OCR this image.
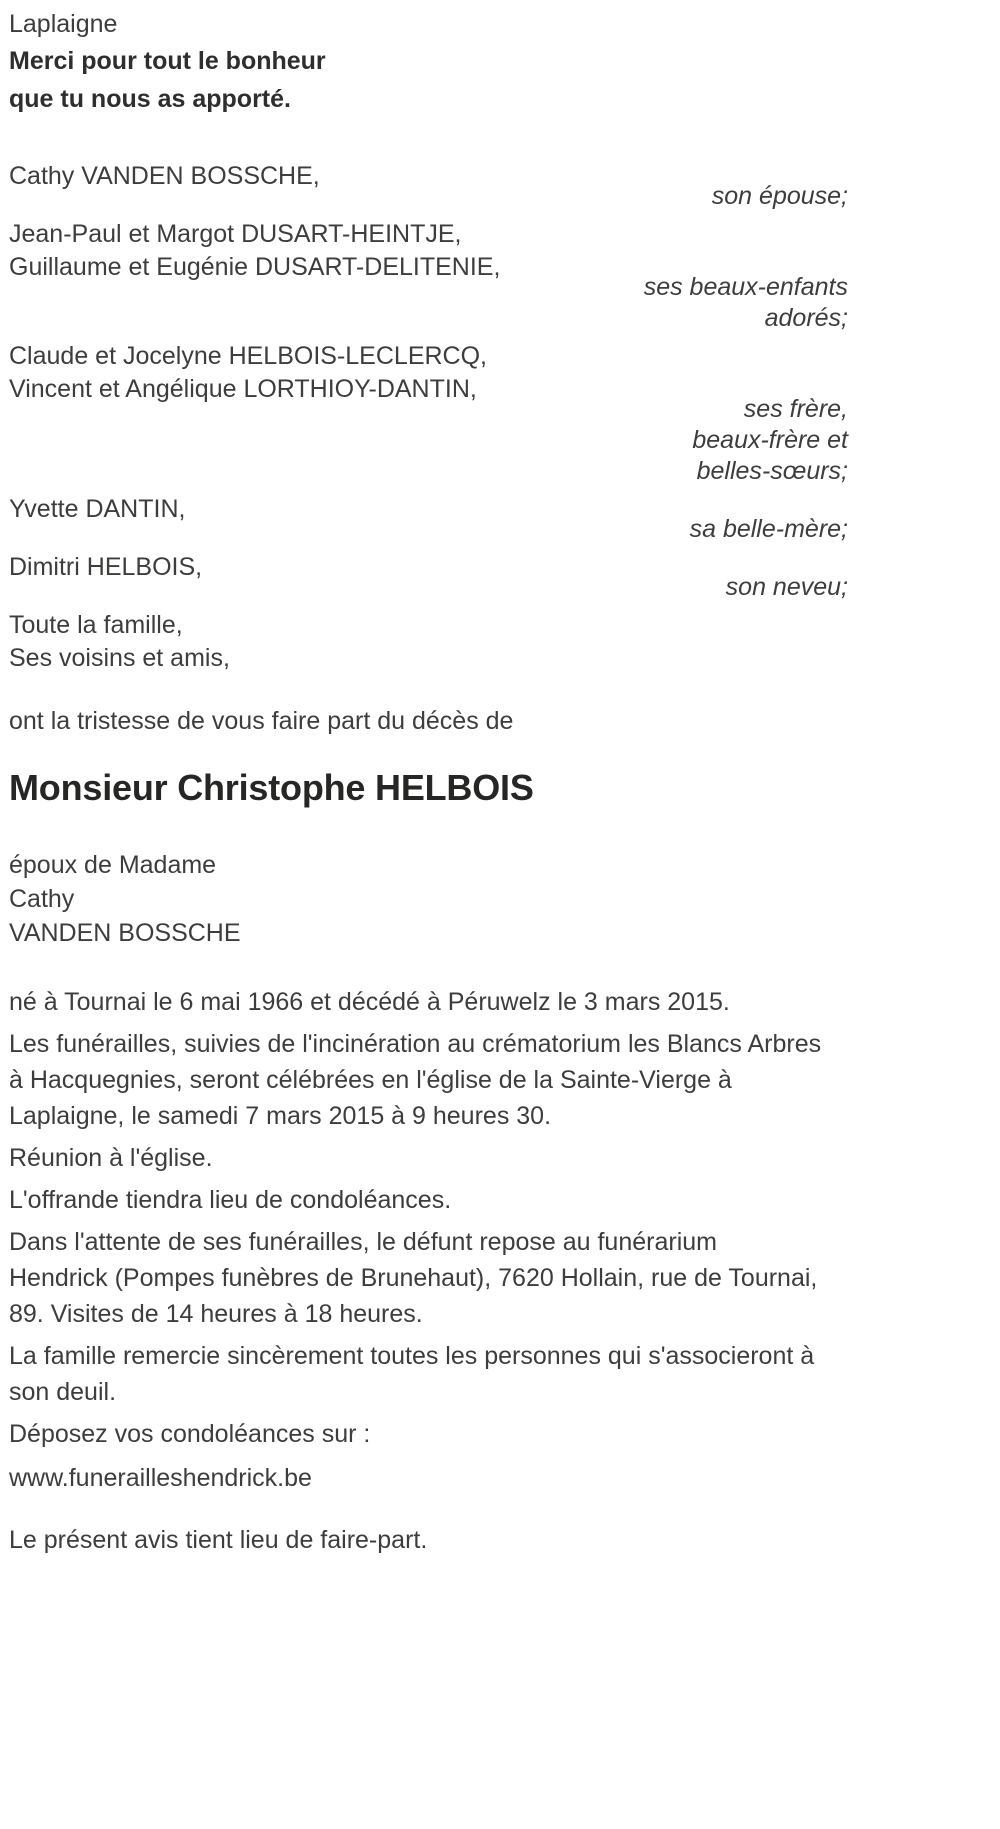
Laplaigne

Merci pour tout le bonheur

que tu nous as apporté.

Cathy VANDEN BOSSCHE,

son épouse;

Jean-Paul et Margot DUSART-HEINTJE,

Guillaume et Eugénie DUSART-DELITENIE,

ses beaux-enfants

adorés;

Claude et Jocelyne HELBOIS-LECLERCQ,

Vincent et Angélique LORTHIOY-DANTIN,

ses frère,

beaux-frère et

belles-sœurs;

Yvette DANTIN,

sa belle-mère;

Dimitri HELBOIS,

son neveu;

Toute la famille,

Ses voisins et amis,

ont la tristesse de vous faire part du décès de

Monsieur Christophe HELBOIS

époux de Madame

Cathy

VANDEN BOSSCHE

né à Tournai le 6 mai 1966 et décédé à Péruwelz le 3 mars 2015.

Les funérailles, suivies de l'incinération au crématorium les Blancs Arbres

à Hacquegnies, seront célébrées en l'église de la Sainte-Vierge à

Laplaigne, le samedi 7 mars 2015 à 9 heures 30.

Réunion à l'église.

L'offrande tiendra lieu de condoléances.

Dans l'attente de ses funérailles, le défunt repose au funérarium

Hendrick (Pompes funèbres de Brunehaut), 7620 Hollain, rue de Tournai,

89. Visites de 14 heures à 18 heures.

La famille remercie sincèrement toutes les personnes qui s'associeront à

son deuil.

Déposez vos condoléances sur :

www.funerailleshendrick.be

Le présent avis tient lieu de faire-part.
